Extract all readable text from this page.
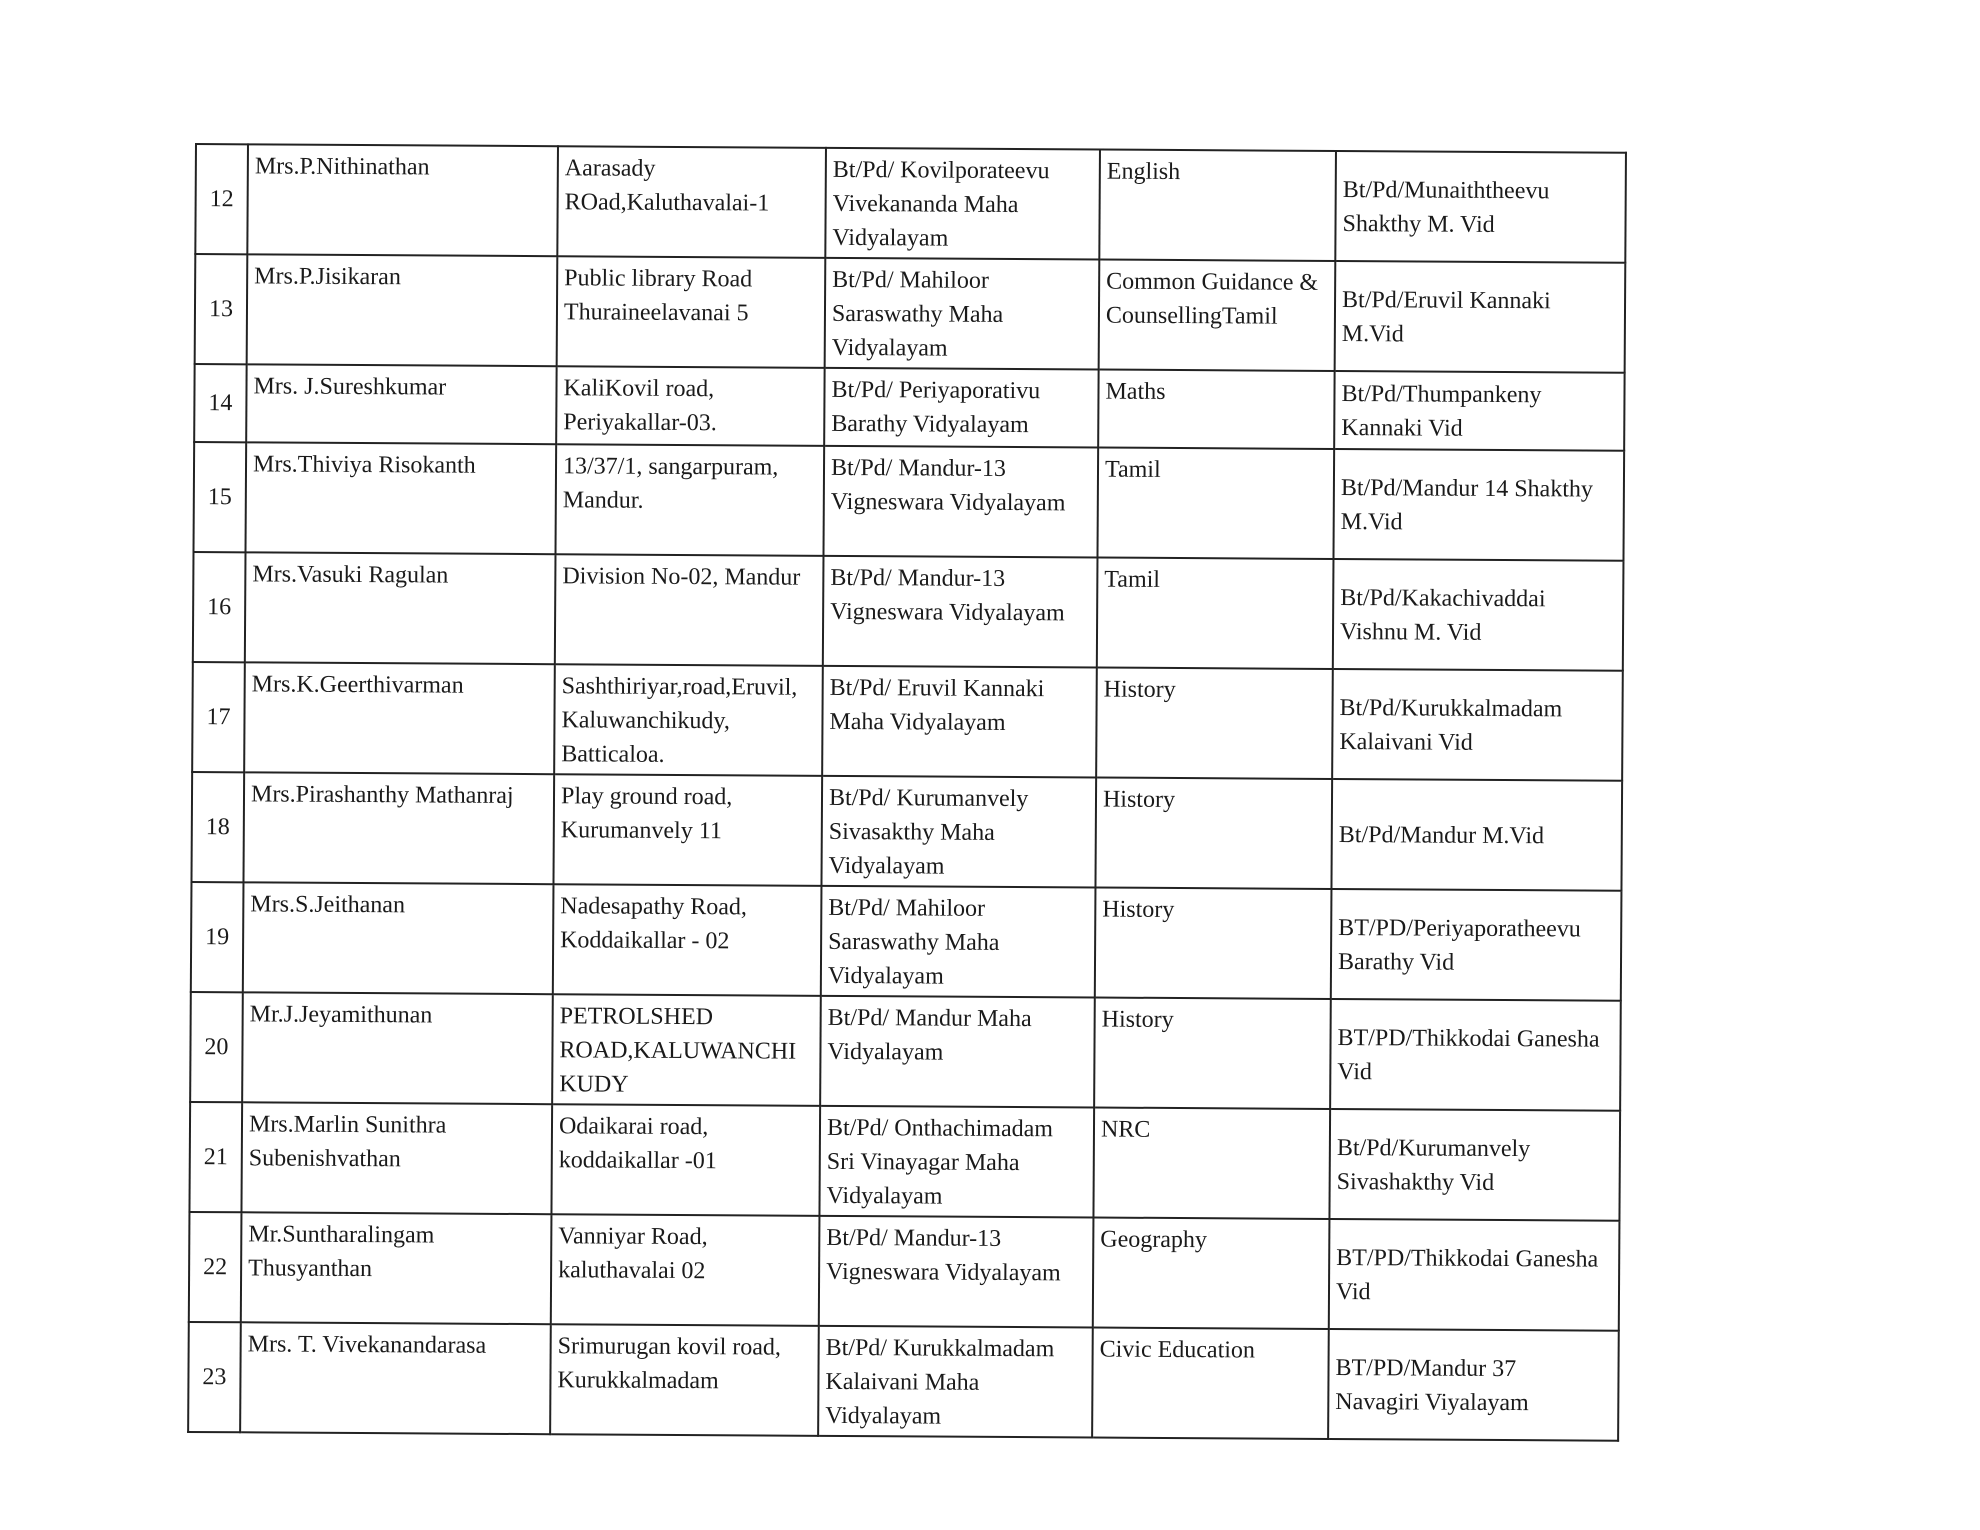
12	Mrs.P.Nithinathan	Aarasady
ROad,Kaluthavalai-1	Bt/Pd/ Kovilporateevu
Vivekananda Maha
Vidyalayam	English	Bt/Pd/Munaiththeevu
Shakthy M. Vid

13	Mrs.P.Jisikaran	Public library Road
Thuraineelavanai 5	Bt/Pd/ Mahiloor
Saraswathy Maha
Vidyalayam	Common Guidance &
CounsellingTamil	Bt/Pd/Eruvil Kannaki
M.Vid

14	Mrs. J.Sureshkumar	KaliKovil road,
Periyakallar-03.	Bt/Pd/ Periyaporativu
Barathy Vidyalayam	Maths	Bt/Pd/Thumpankeny
Kannaki Vid

15	Mrs.Thiviya Risokanth	13/37/1, sangarpuram,
Mandur.	Bt/Pd/ Mandur-13
Vigneswara Vidyalayam	Tamil	Bt/Pd/Mandur 14 Shakthy
M.Vid

16	Mrs.Vasuki Ragulan	Division No-02, Mandur	Bt/Pd/ Mandur-13
Vigneswara Vidyalayam	Tamil	Bt/Pd/Kakachivaddai
Vishnu M. Vid

17	Mrs.K.Geerthivarman	Sashthiriyar,road,Eruvil,
Kaluwanchikudy,
Batticaloa.	Bt/Pd/ Eruvil Kannaki
Maha Vidyalayam	History	Bt/Pd/Kurukkalmadam
Kalaivani Vid

18	Mrs.Pirashanthy Mathanraj	Play ground road,
Kurumanvely 11	Bt/Pd/ Kurumanvely
Sivasakthy Maha
Vidyalayam	History	Bt/Pd/Mandur M.Vid

19	Mrs.S.Jeithanan	Nadesapathy Road,
Koddaikallar - 02	Bt/Pd/ Mahiloor
Saraswathy Maha
Vidyalayam	History	BT/PD/Periyaporatheevu
Barathy Vid

20	Mr.J.Jeyamithunan	PETROLSHED
ROAD,KALUWANCHI
KUDY	Bt/Pd/ Mandur Maha
Vidyalayam	History	BT/PD/Thikkodai Ganesha
Vid

21	Mrs.Marlin Sunithra Subenishvathan	Odaikarai road,
koddaikallar -01	Bt/Pd/ Onthachimadam
Sri Vinayagar Maha
Vidyalayam	NRC	Bt/Pd/Kurumanvely
Sivashakthy Vid

22	Mr.Suntharalingam Thusyanthan	Vanniyar Road,
kaluthavalai 02	Bt/Pd/ Mandur-13
Vigneswara Vidyalayam	Geography	BT/PD/Thikkodai Ganesha
Vid

23	Mrs. T. Vivekanandarasa	Srimurugan kovil road,
Kurukkalmadam	Bt/Pd/ Kurukkalmadam
Kalaivani Maha
Vidyalayam	Civic Education	BT/PD/Mandur 37
Navagiri Viyalayam
